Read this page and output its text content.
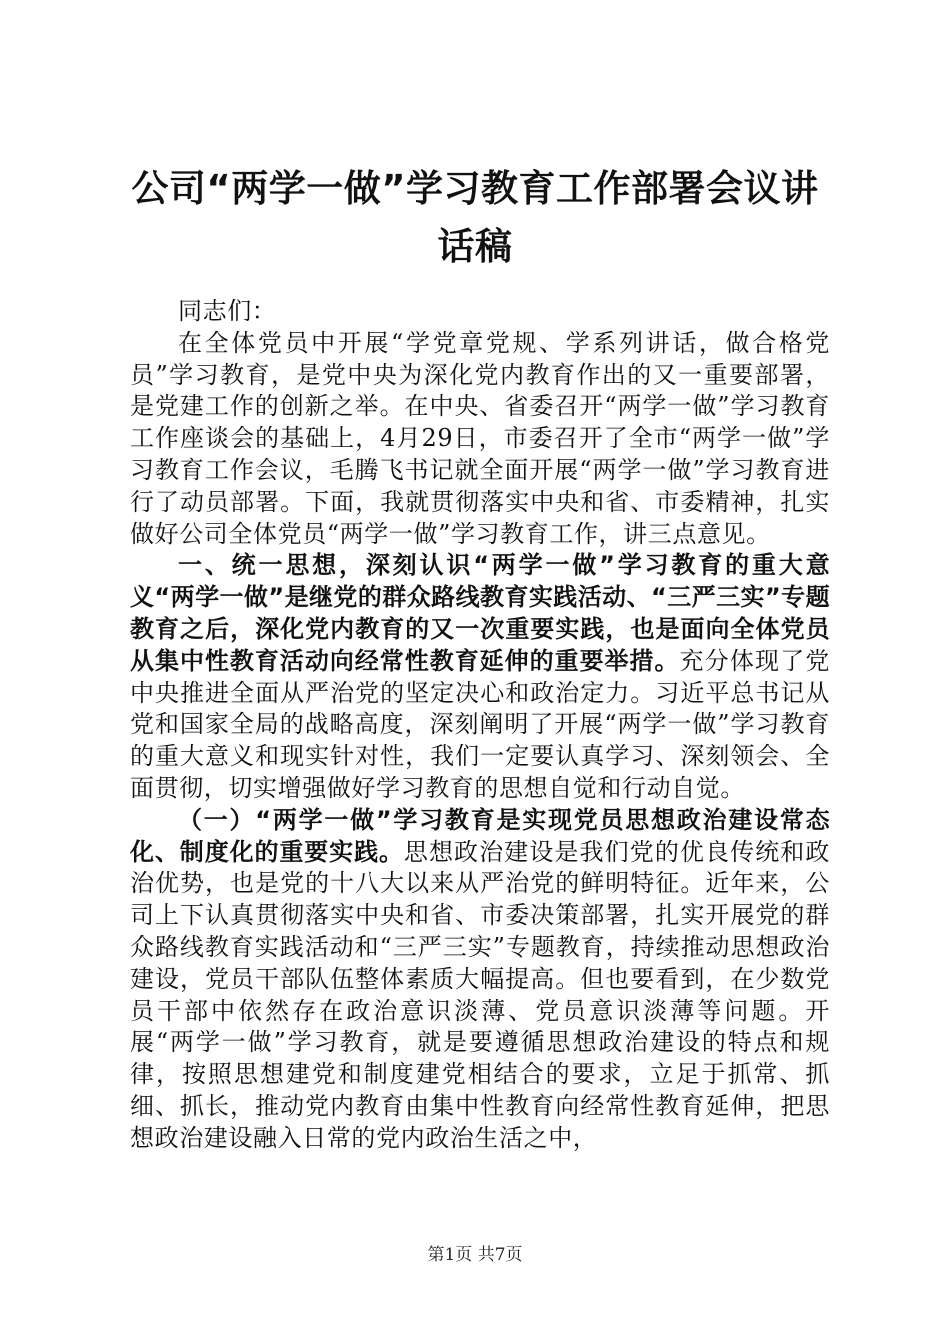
公司“两学一做”学习教育工作部署会议讲话稿

同志们：

在全体党员中开展“学党章党规、学系列讲话，做合格党员”学习教育，是党中央为深化党内教育作出的又一重要部署，是党建工作的创新之举。在中央、省委召开“两学一做”学习教育工作座谈会的基础上，4月29日，市委召开了全市“两学一做”学习教育工作会议，毛腾飞书记就全面开展“两学一做”学习教育进行了动员部署。下面，我就贯彻落实中央和省、市委精神，扎实做好公司全体党员“两学一做”学习教育工作，讲三点意见。

一、统一思想，深刻认识“两学一做”学习教育的重大意义“两学一做”是继党的群众路线教育实践活动、“三严三实”专题教育之后，深化党内教育的又一次重要实践，也是面向全体党员从集中性教育活动向经常性教育延伸的重要举措。充分体现了党中央推进全面从严治党的坚定决心和政治定力。习近平总书记从党和国家全局的战略高度，深刻阐明了开展“两学一做”学习教育的重大意义和现实针对性，我们一定要认真学习、深刻领会、全面贯彻，切实增强做好学习教育的思想自觉和行动自觉。

（一）“两学一做”学习教育是实现党员思想政治建设常态化、制度化的重要实践。思想政治建设是我们党的优良传统和政治优势，也是党的十八大以来从严治党的鲜明特征。近年来，公司上下认真贯彻落实中央和省、市委决策部署，扎实开展党的群众路线教育实践活动和“三严三实”专题教育，持续推动思想政治建设，党员干部队伍整体素质大幅提高。但也要看到，在少数党员干部中依然存在政治意识淡薄、党员意识淡薄等问题。开展“两学一做”学习教育，就是要遵循思想政治建设的特点和规律，按照思想建党和制度建党相结合的要求，立足于抓常、抓细、抓长，推动党内教育由集中性教育向经常性教育延伸，把思想政治建设融入日常的党内政治生活之中，

第1页 共7页
